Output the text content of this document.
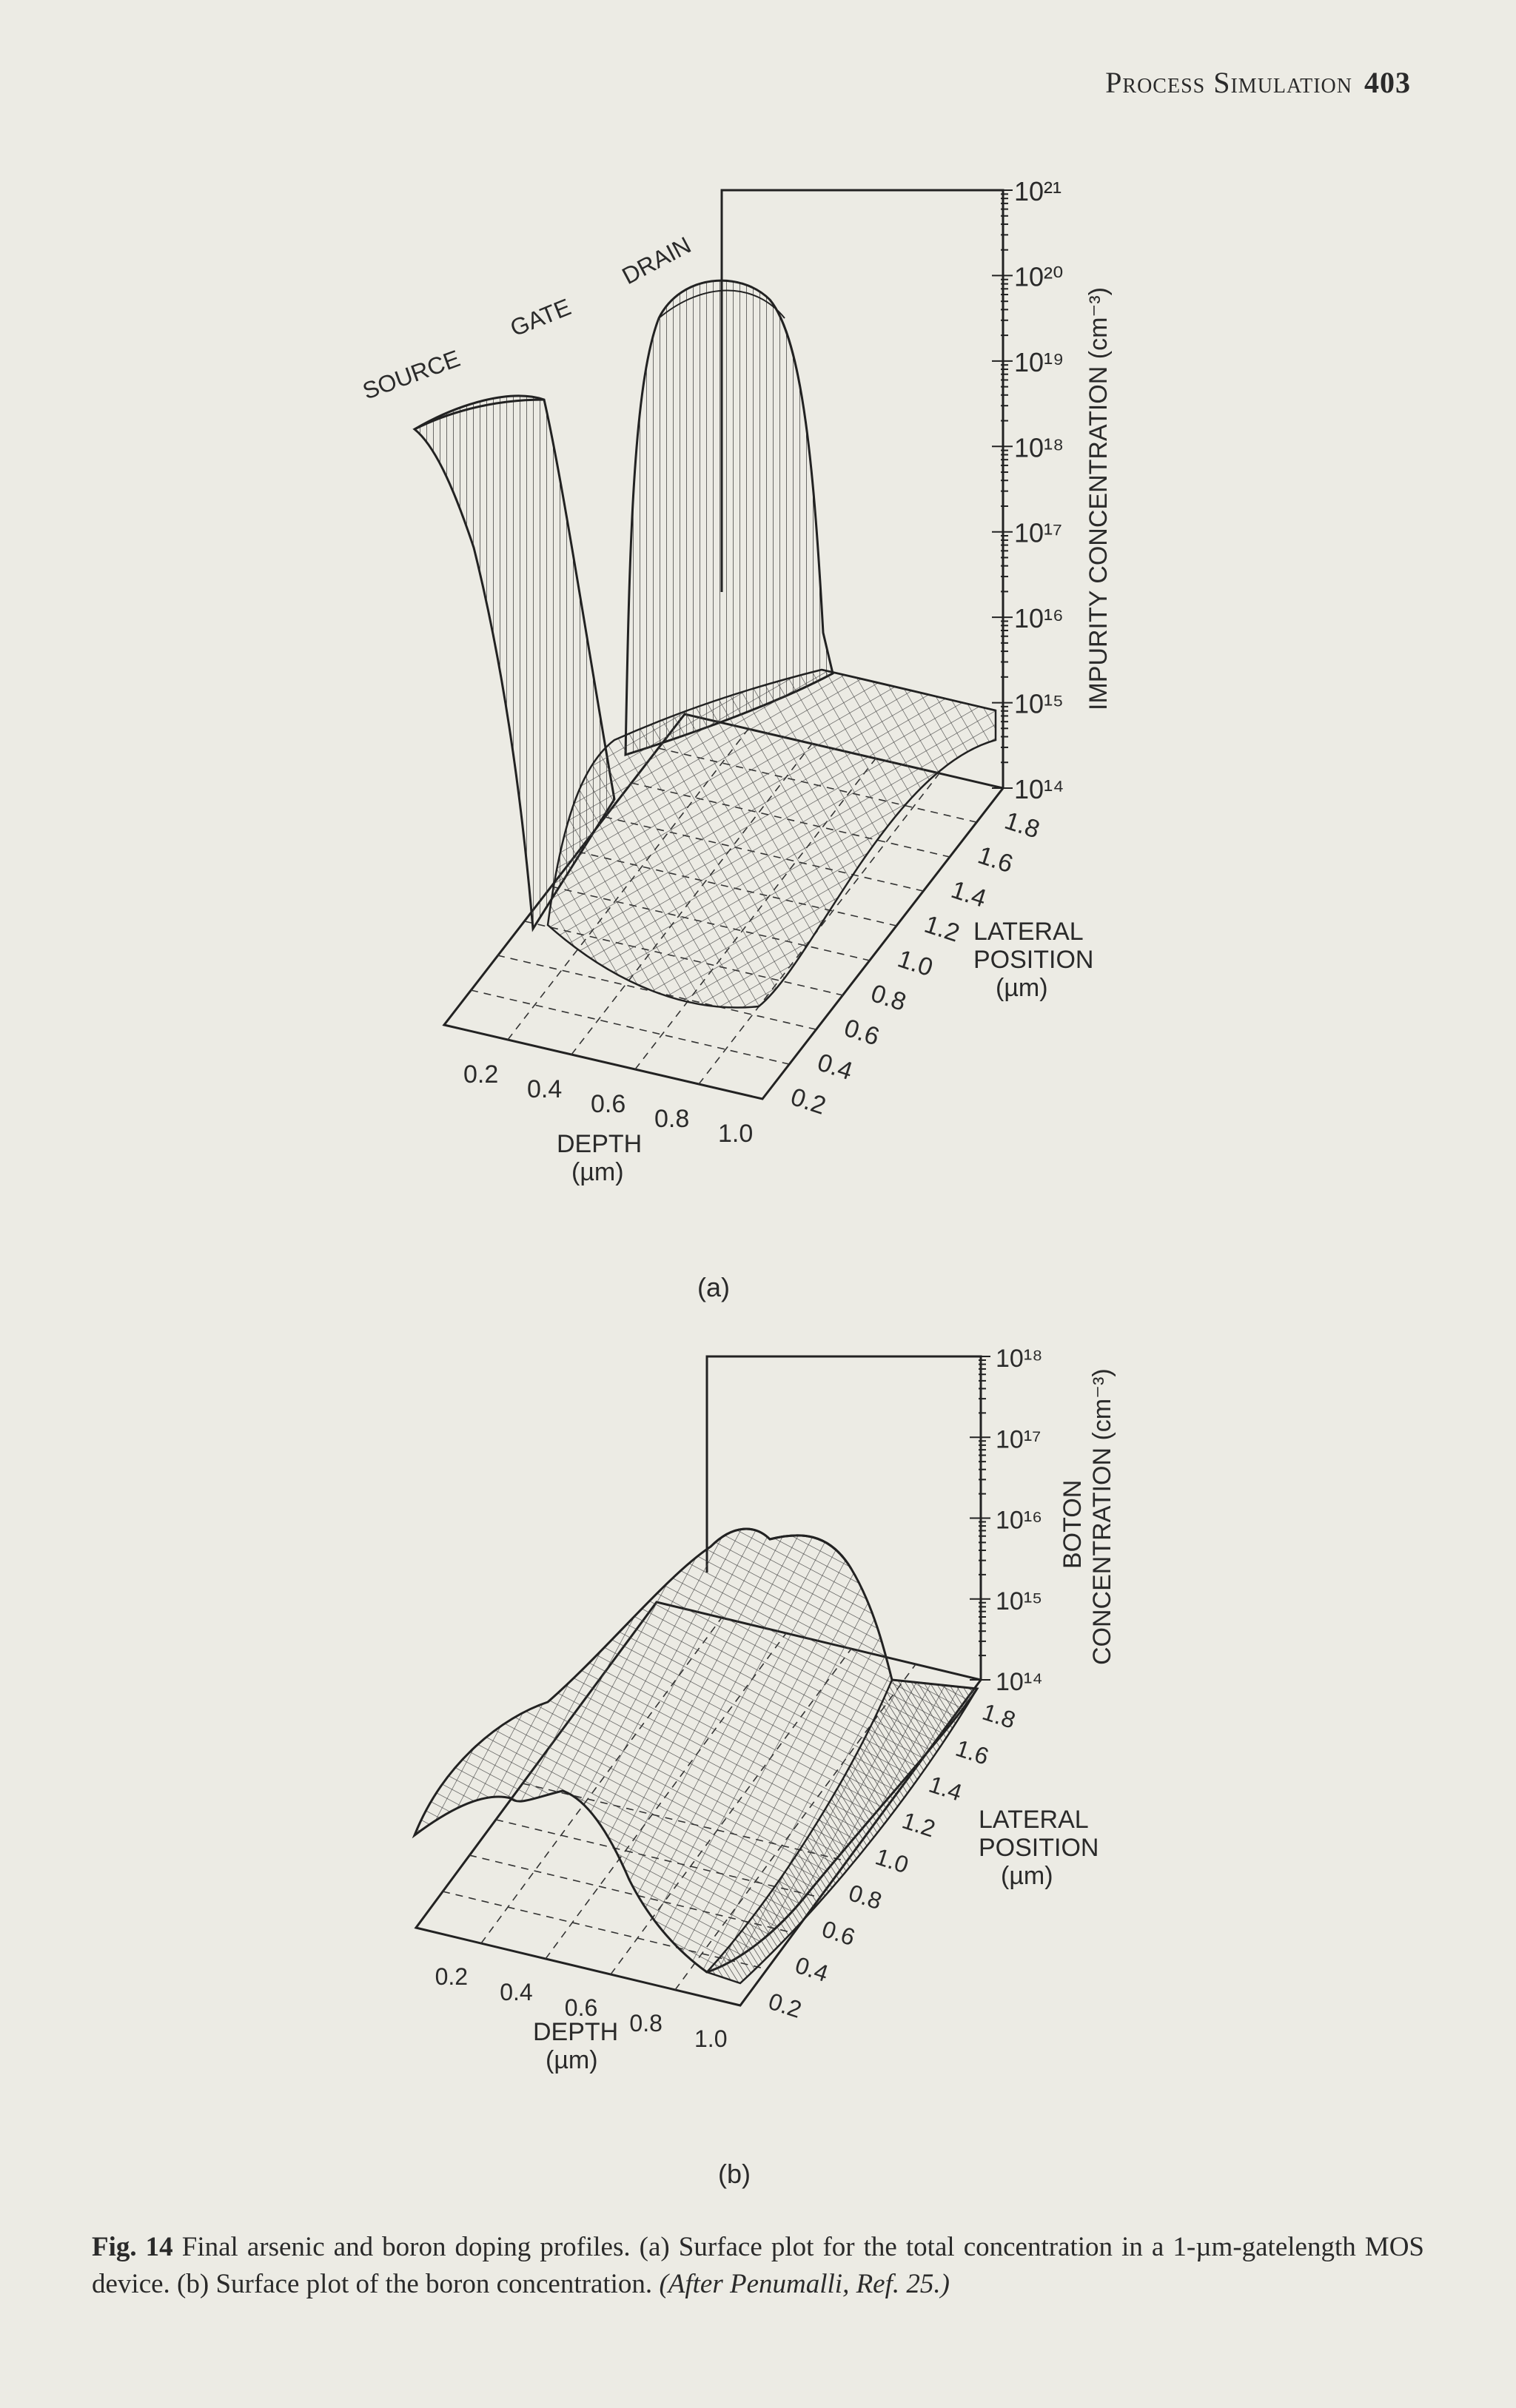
Process Simulation 403
10²¹
10²⁰
10¹⁹
10¹⁸
10¹⁷
10¹⁶
10¹⁵
10¹⁴
IMPURITY CONCENTRATION (cm⁻³)
1.8
1.6
1.4
1.2
1.0
0.8
0.6
0.4
0.2
LATERAL
POSITION
(µm)
0.2
0.4
0.6
0.8
1.0
DEPTH
(µm)
SOURCE
GATE
DRAIN
(a)
10¹⁸
10¹⁷
10¹⁶
10¹⁵
10¹⁴
BOTON CONCENTRATION (cm⁻³)
1.8
1.6
1.4
1.2
1.0
0.8
0.6
0.4
0.2
LATERAL
POSITION
(µm)
0.2
0.4
0.6
0.8
1.0
DEPTH
(µm)
(b)
Fig. 14 Final arsenic and boron doping profiles. (a) Surface plot for the total concentration in a 1-µm-gatelength MOS device. (b) Surface plot of the boron concentration. (After Penumalli, Ref. 25.)
